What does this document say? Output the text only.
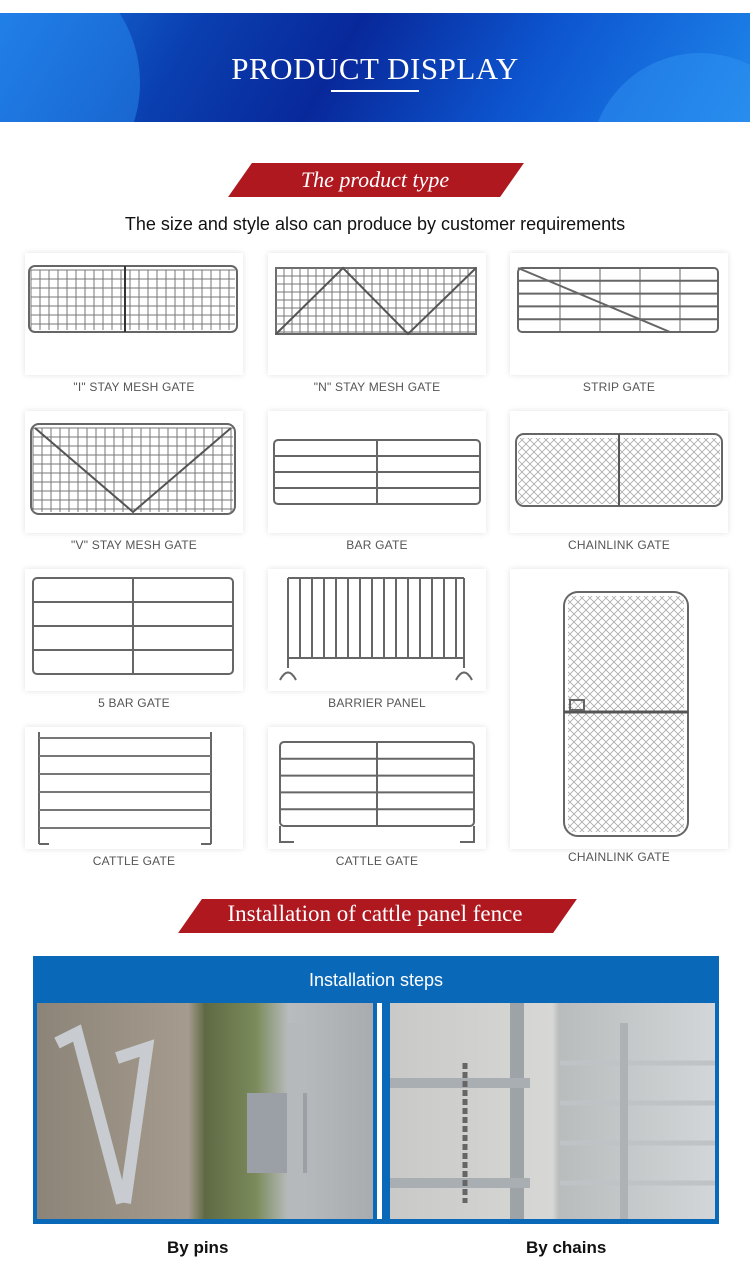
PRODUCT DISPLAY
The product type
The size and style also can produce by customer requirements
"I" STAY MESH GATE	"N" STAY MESH GATE	STRIP GATE
"V" STAY MESH GATE	BAR GATE	CHAINLINK GATE
5 BAR GATE	BARRIER PANEL
CHAINLINK GATE
CATTLE GATE	CATTLE GATE
Installation of cattle panel fence
Installation steps
By pins	By chains
